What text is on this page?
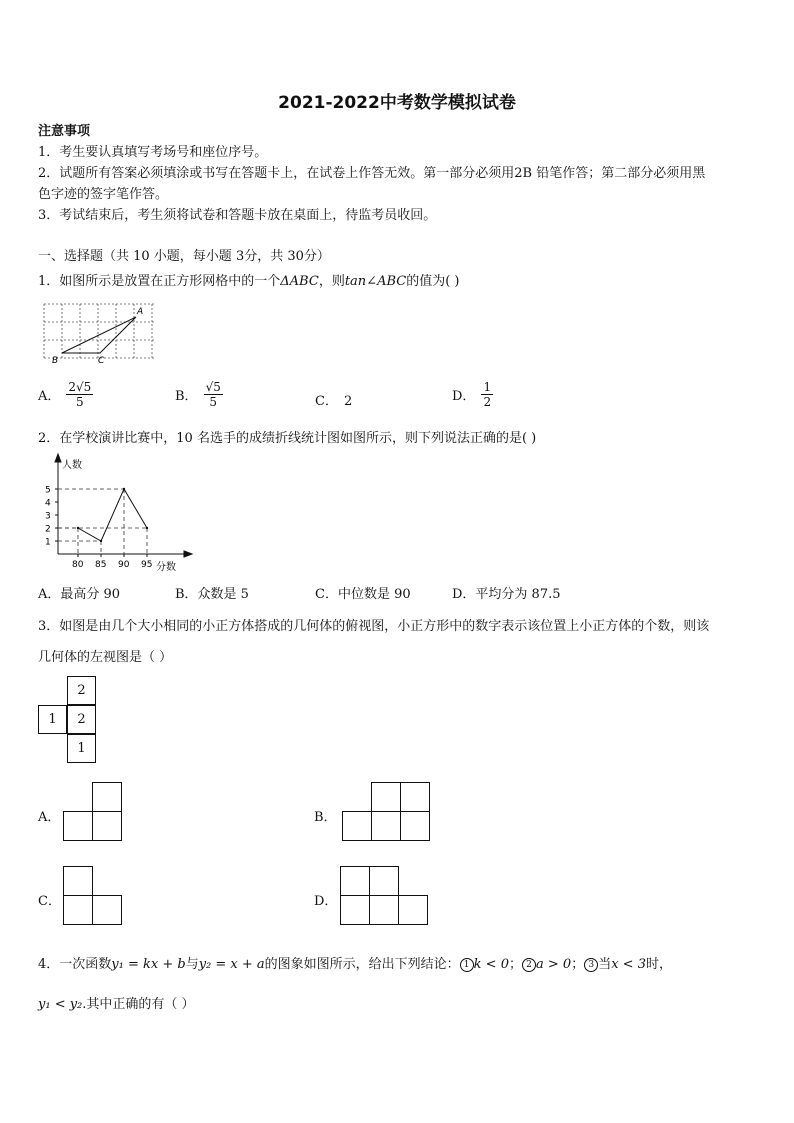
2021-2022中考数学模拟试卷
注意事项
1．考生要认真填写考场号和座位序号。
2．试题所有答案必须填涂或书写在答题卡上，在试卷上作答无效。第一部分必须用2B 铅笔作答；第二部分必须用黑
色字迹的签字笔作答。
3．考试结束后，考生须将试卷和答题卡放在桌面上，待监考员收回。
一、选择题（共 10 小题，每小题 3分，共 30分）
1．如图所示是放置在正方形网格中的一个ΔABC，则tan∠ABC的值为( )
A
B	C
A． $\frac{2√5}{5}$	B． $\frac{√5}{5}$	C． 2	D． $\frac{1}{2}$
2．在学校演讲比赛中，10 名选手的成绩折线统计图如图所示，则下列说法正确的是( )
1
2
3
4
5
80 85 90 95
人数
分数
A．最高分 90	B．众数是 5	C．中位数是 90	D．平均分为 87.5
3．如图是由几个大小相同的小正方体搭成的几何体的俯视图，小正方形中的数字表示该位置上小正方体的个数，则该
几何体的左视图是（ ）
2
1	2
1
A．	B．
C．	D．
4．一次函数y₁ = kx + b与y₂ = x + a的图象如图所示，给出下列结论： 1 k < 0； 2 a > 0； 3 当x < 3时，
y₁ < y₂.其中正确的有（ ）
